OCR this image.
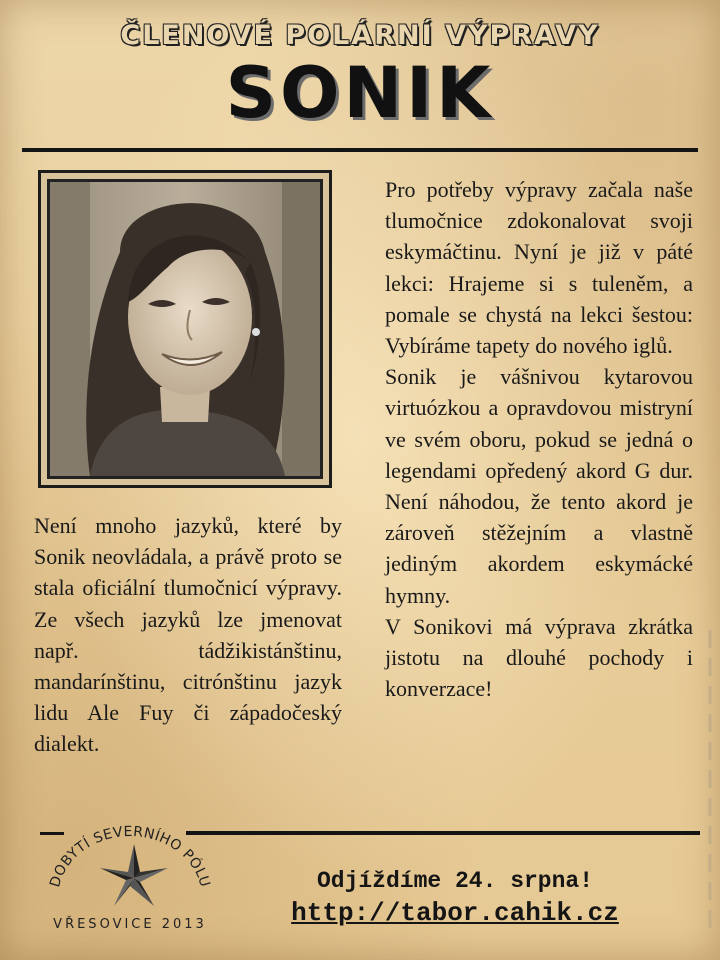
ČLENOVÉ POLÁRNÍ VÝPRAVY
SONIK

Pro potřeby výpravy začala naše tlumočnice zdokonalovat svoji eskymáčtinu. Nyní je již v páté lekci: Hrajeme si s tuleněm, a pomale se chystá na lekci šestou: Vybíráme tapety do nového iglů.

Sonik je vášnivou kytarovou virtuózkou a opravdovou mistryní ve svém oboru, pokud se jedná o legendami opředený akord G dur. Není náhodou, že tento akord je zároveň stěžejním a vlastně jediným akordem eskymácké hymny.

V Sonikovi má výprava zkrátka jistotu na dlouhé pochody i konverzace!

Není mnoho jazyků, které by Sonik neovládala, a právě proto se stala oficiální tlumočnicí výpravy. Ze všech jazyků lze jmenovat např. tádžikistánštinu, mandarínštinu, citrónštinu jazyk lidu Ale Fuy či západočeský dialekt.

DOBYTÍ SEVERNÍHO PÓLU
VŘESOVICE 2013
Odjíždíme 24. srpna!
http://tabor.cahik.cz
